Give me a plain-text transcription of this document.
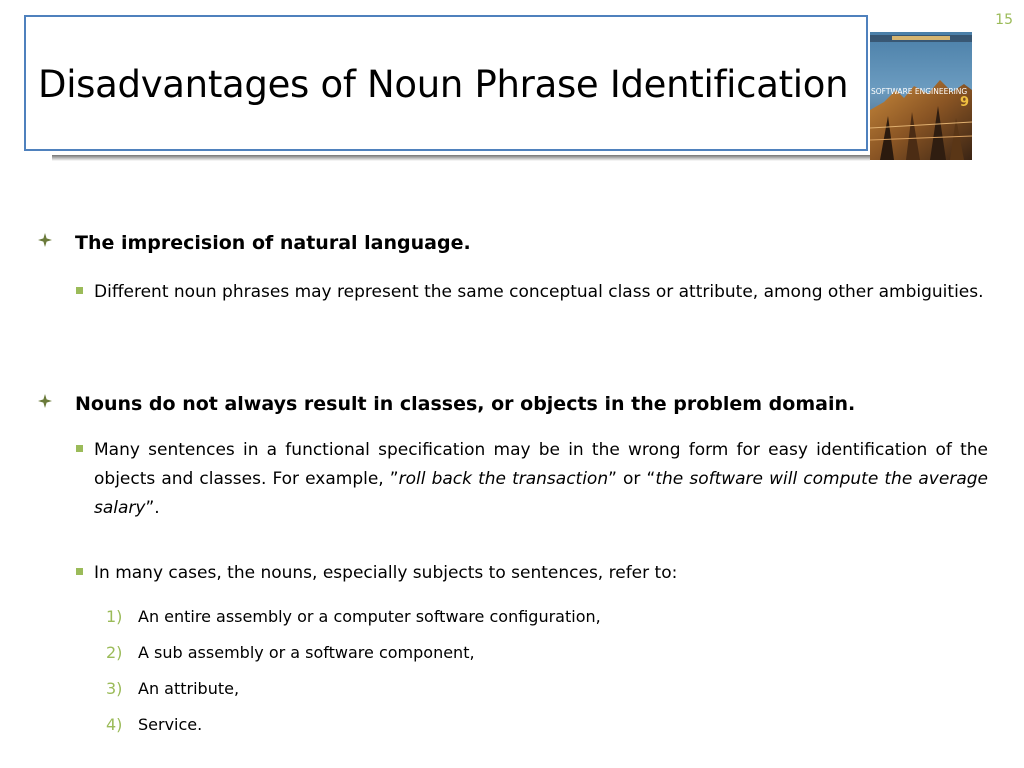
15
Disadvantages of Noun Phrase Identification	SOFTWARE ENGINEERING
9
The imprecision of natural language.
Different noun phrases may represent the same conceptual class or attribute, among other ambiguities.
Nouns do not always result in classes, or objects in the problem domain.
Many sentences in a functional specification may be in the wrong form for easy identification of the objects and classes. For example, ”roll back the transaction” or “the software will compute the average salary”.
In many cases, the nouns, especially subjects to sentences, refer to:
1) An entire assembly or a computer software configuration,
2) A sub assembly or a software component,
3) An attribute,
4) Service.
